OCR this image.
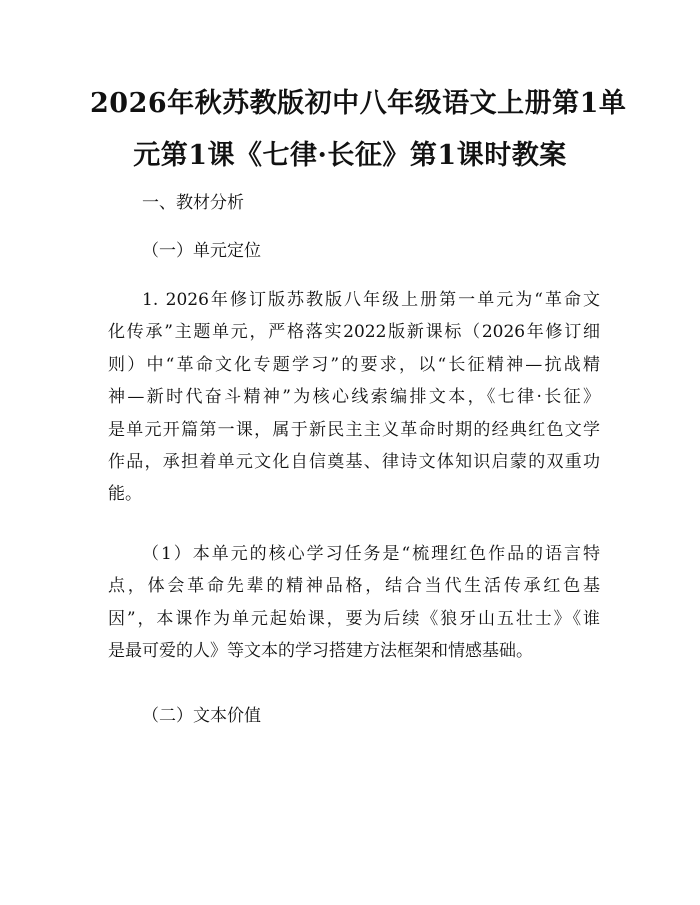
2026年秋苏教版初中八年级语文上册第1单
元第1课《七律·长征》第1课时教案
一、教材分析
（一）单元定位
1. 2026年修订版苏教版八年级上册第一单元为“革命文
化传承”主题单元，严格落实2022版新课标（2026年修订细
则）中“革命文化专题学习”的要求，以“长征精神—抗战精
神—新时代奋斗精神”为核心线索编排文本，《七律·长征》
是单元开篇第一课，属于新民主主义革命时期的经典红色文学
作品，承担着单元文化自信奠基、律诗文体知识启蒙的双重功
能。
（1）本单元的核心学习任务是“梳理红色作品的语言特
点，体会革命先辈的精神品格，结合当代生活传承红色基
因”，本课作为单元起始课，要为后续《狼牙山五壮士》《谁
是最可爱的人》等文本的学习搭建方法框架和情感基础。
（二）文本价值
